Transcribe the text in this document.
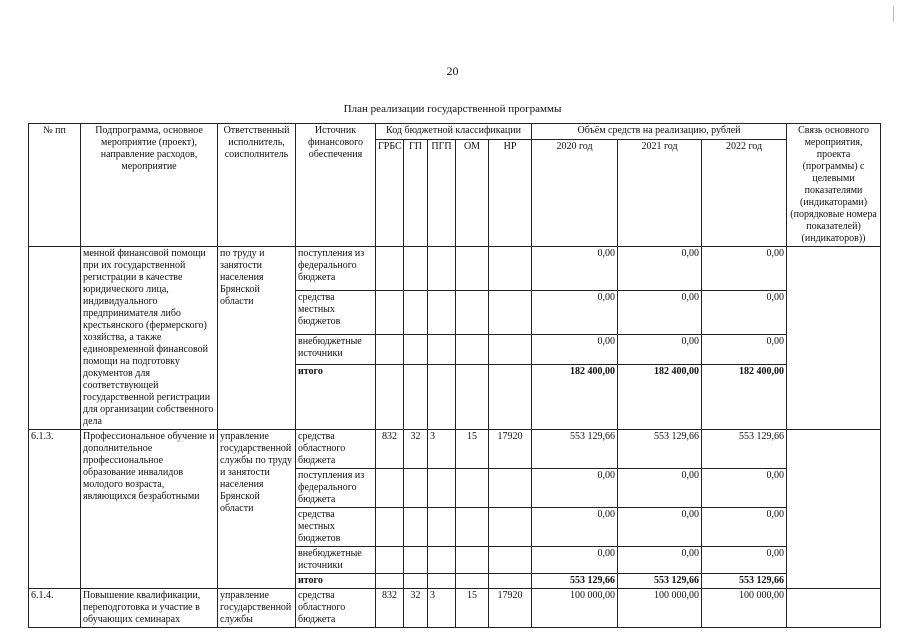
20
План реализации государственной программы
№ пп	Подпрограмма, основное мероприятие (проект), направление расходов, мероприятие	Ответственный исполнитель, соисполнитель	Источник финансового обеспечения	Код бюджетной классификации					Объём средств на реализацию, рублей			Связь основного мероприятия, проекта (программы) с целевыми показателями (индикаторами) (порядковые номера показателей) (индикаторов))
				ГРБС	ГП	ПГП	ОМ	НР	2020 год	2021 год	2022 год	
	менной финансовой помощи при их государственной регистрации в качестве юридического лица, индивидуального предпринимателя либо крестьянского (фермерского) хозяйства, а также единовременной финансовой помощи на подготовку документов для соответствующей государственной регистрации для организации собственного дела	по труду и занятости населения Брянской области	поступления из федерального бюджета						0,00	0,00	0,00	
			средства местных бюджетов						0,00	0,00	0,00	
			внебюджетные источники						0,00	0,00	0,00	
			итого						182 400,00	182 400,00	182 400,00	
6.1.3.	Профессиональное обучение и дополнительное профессиональное образование инвалидов молодого возраста, являющихся безработными	управление государственной службы по труду и занятости населения Брянской области	средства областного бюджета	832	32	3	15	17920	553 129,66	553 129,66	553 129,66	
			поступления из федерального бюджета						0,00	0,00	0,00	
			средства местных бюджетов						0,00	0,00	0,00	
			внебюджетные источники						0,00	0,00	0,00	
			итого						553 129,66	553 129,66	553 129,66	
6.1.4.	Повышение квалификации, переподготовка и участие в обучающих семинарах	управление государственной службы	средства областного бюджета	832	32	3	15	17920	100 000,00	100 000,00	100 000,00	
